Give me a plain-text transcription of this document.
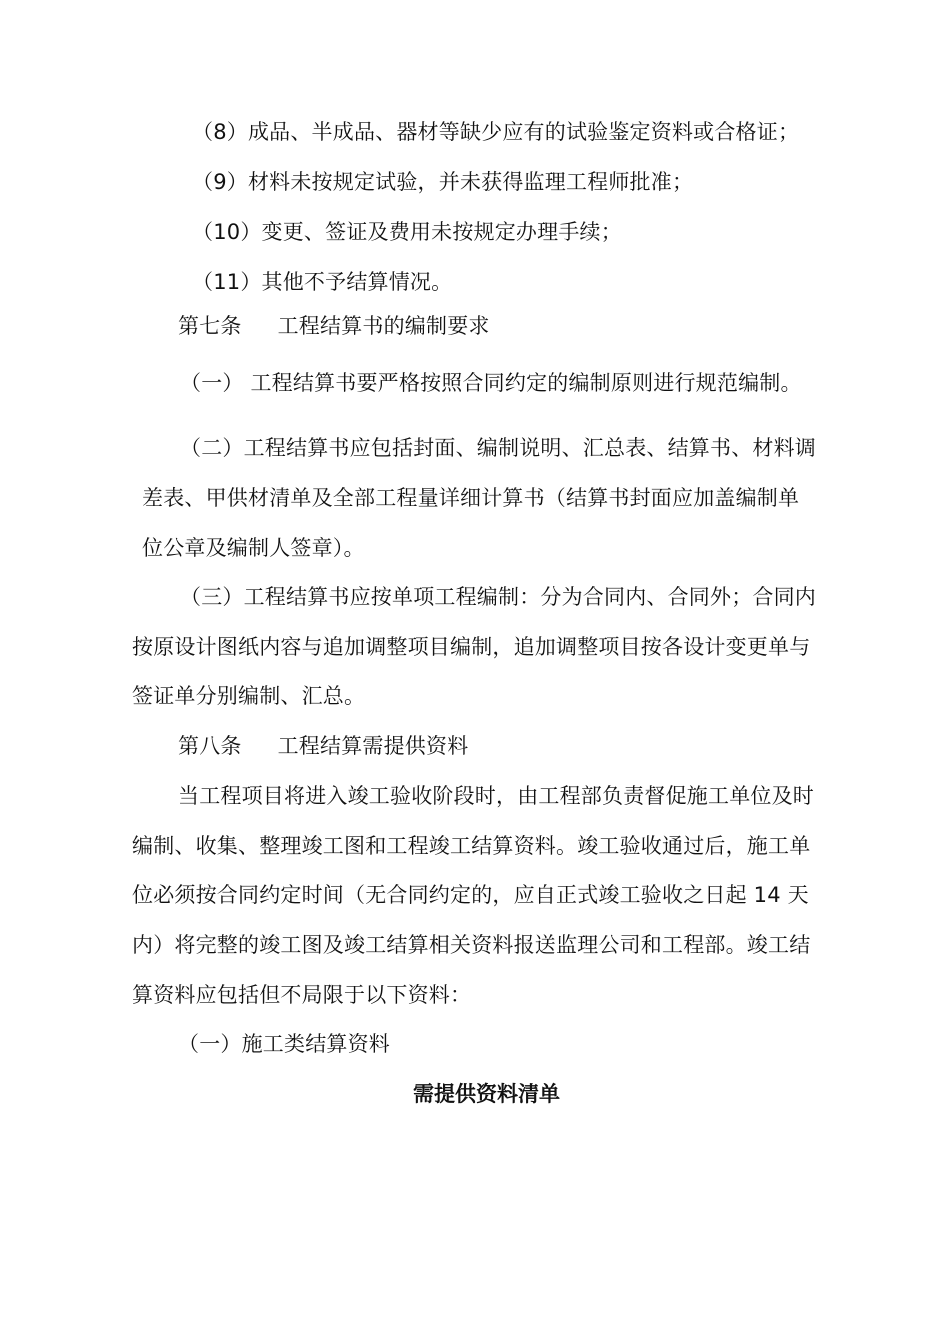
（8）成品、半成品、器材等缺少应有的试验鉴定资料或合格证；
（9）材料未按规定试验，并未获得监理工程师批准；
（10）变更、签证及费用未按规定办理手续；
（11）其他不予结算情况。
第七条 工程结算书的编制要求
（一） 工程结算书要严格按照合同约定的编制原则进行规范编制。
（二）工程结算书应包括封面、编制说明、汇总表、结算书、材料调
差表、甲供材清单及全部工程量详细计算书（结算书封面应加盖编制单
位公章及编制人签章）。
（三）工程结算书应按单项工程编制：分为合同内、合同外；合同内
按原设计图纸内容与追加调整项目编制，追加调整项目按各设计变更单与
签证单分别编制、汇总。
第八条 工程结算需提供资料
当工程项目将进入竣工验收阶段时，由工程部负责督促施工单位及时
编制、收集、整理竣工图和工程竣工结算资料。竣工验收通过后，施工单
位必须按合同约定时间（无合同约定的，应自正式竣工验收之日起 14 天
内）将完整的竣工图及竣工结算相关资料报送监理公司和工程部。竣工结
算资料应包括但不局限于以下资料：
（一）施工类结算资料
需提供资料清单
